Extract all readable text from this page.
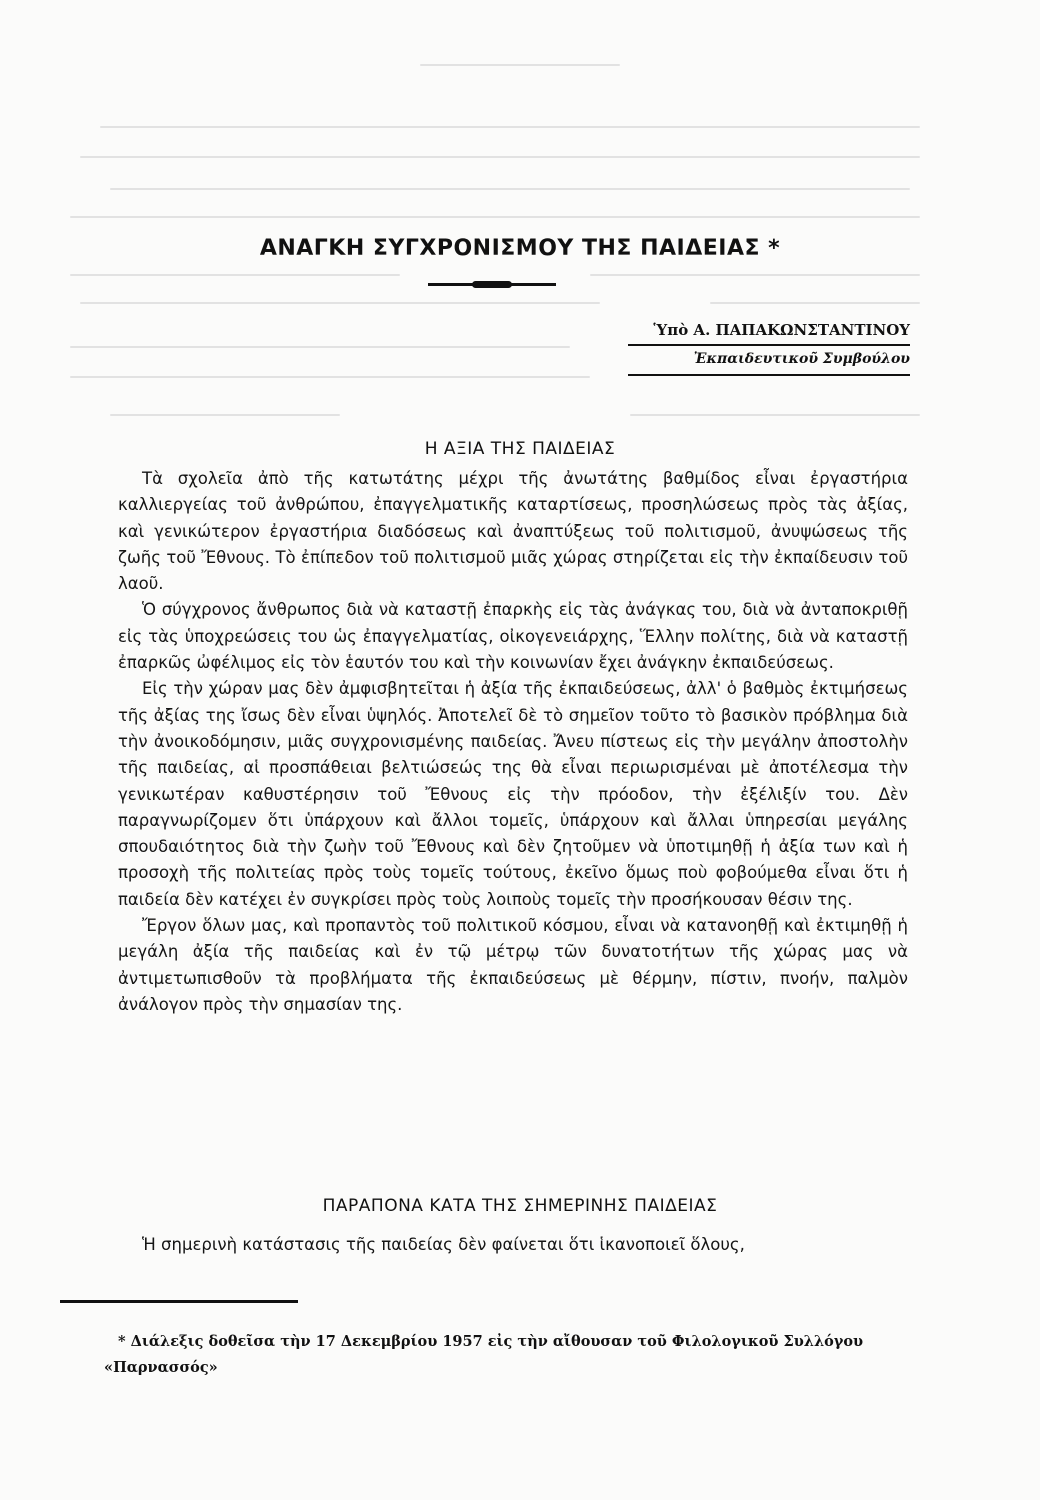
ΑΝΑΓΚΗ ΣΥΓΧΡΟΝΙΣΜΟΥ ΤΗΣ ΠΑΙΔΕΙΑΣ *
Ὑπὸ Α. ΠΑΠΑΚΩΝΣΤΑΝΤΙΝΟΥ
Ἐκπαιδευτικοῦ Συμβούλου
Η ΑΞΙΑ ΤΗΣ ΠΑΙΔΕΙΑΣ

Τὰ σχολεῖα ἀπὸ τῆς κατωτάτης μέχρι τῆς ἀνωτάτης βαθμίδος εἶναι ἐργαστήρια καλλιεργείας τοῦ ἀνθρώπου, ἐπαγγελματικῆς καταρτίσεως, προσηλώσεως πρὸς τὰς ἀξίας, καὶ γενικώτερον ἐργαστήρια διαδόσεως καὶ ἀναπτύξεως τοῦ πολιτισμοῦ, ἀνυψώσεως τῆς ζωῆς τοῦ Ἔθνους. Τὸ ἐπίπεδον τοῦ πολιτισμοῦ μιᾶς χώρας στηρίζεται εἰς τὴν ἐκπαίδευσιν τοῦ λαοῦ.

Ὁ σύγχρονος ἄνθρωπος διὰ νὰ καταστῇ ἐπαρκὴς εἰς τὰς ἀνάγκας του, διὰ νὰ ἀνταποκριθῇ εἰς τὰς ὑποχρεώσεις του ὡς ἐπαγγελματίας, οἰκογενειάρχης, Ἕλλην πολίτης, διὰ νὰ καταστῇ ἐπαρκῶς ὠφέλιμος εἰς τὸν ἑαυτόν του καὶ τὴν κοινωνίαν ἔχει ἀνάγκην ἐκπαιδεύσεως.

Εἰς τὴν χώραν μας δὲν ἀμφισβητεῖται ἡ ἀξία τῆς ἐκπαιδεύσεως, ἀλλ' ὁ βαθμὸς ἐκτιμήσεως τῆς ἀξίας της ἴσως δὲν εἶναι ὑψηλός. Ἀποτελεῖ δὲ τὸ σημεῖον τοῦτο τὸ βασικὸν πρόβλημα διὰ τὴν ἀνοικοδόμησιν, μιᾶς συγχρονισμένης παιδείας. Ἄνευ πίστεως εἰς τὴν μεγάλην ἀποστολὴν τῆς παιδείας, αἱ προσπάθειαι βελτιώσεώς της θὰ εἶναι περιωρισμέναι μὲ ἀποτέλεσμα τὴν γενικωτέραν καθυστέρησιν τοῦ Ἔθνους εἰς τὴν πρόοδον, τὴν ἐξέλιξίν του. Δὲν παραγνωρίζομεν ὅτι ὑπάρχουν καὶ ἄλλοι τομεῖς, ὑπάρχουν καὶ ἄλλαι ὑπηρεσίαι μεγάλης σπουδαιότητος διὰ τὴν ζωὴν τοῦ Ἔθνους καὶ δὲν ζητοῦμεν νὰ ὑποτιμηθῇ ἡ ἀξία των καὶ ἡ προσοχὴ τῆς πολιτείας πρὸς τοὺς τομεῖς τούτους, ἐκεῖνο ὅμως ποὺ φοβούμεθα εἶναι ὅτι ἡ παιδεία δὲν κατέχει ἐν συγκρίσει πρὸς τοὺς λοιποὺς τομεῖς τὴν προσήκουσαν θέσιν της.

Ἔργον ὅλων μας, καὶ προπαντὸς τοῦ πολιτικοῦ κόσμου, εἶναι νὰ κατανοηθῇ καὶ ἐκτιμηθῇ ἡ μεγάλη ἀξία τῆς παιδείας καὶ ἐν τῷ μέτρῳ τῶν δυνατοτήτων τῆς χώρας μας νὰ ἀντιμετωπισθοῦν τὰ προβλήματα τῆς ἐκπαιδεύσεως μὲ θέρμην, πίστιν, πνοήν, παλμὸν ἀνάλογον πρὸς τὴν σημασίαν της.

ΠΑΡΑΠΟΝΑ ΚΑΤΑ ΤΗΣ ΣΗΜΕΡΙΝΗΣ ΠΑΙΔΕΙΑΣ

Ἡ σημερινὴ κατάστασις τῆς παιδείας δὲν φαίνεται ὅτι ἱκανοποιεῖ ὅλους,

* Διάλεξις δοθεῖσα τὴν 17 Δεκεμβρίου 1957 εἰς τὴν αἴθουσαν τοῦ Φιλολογικοῦ Συλλόγου «Παρνασσός»
